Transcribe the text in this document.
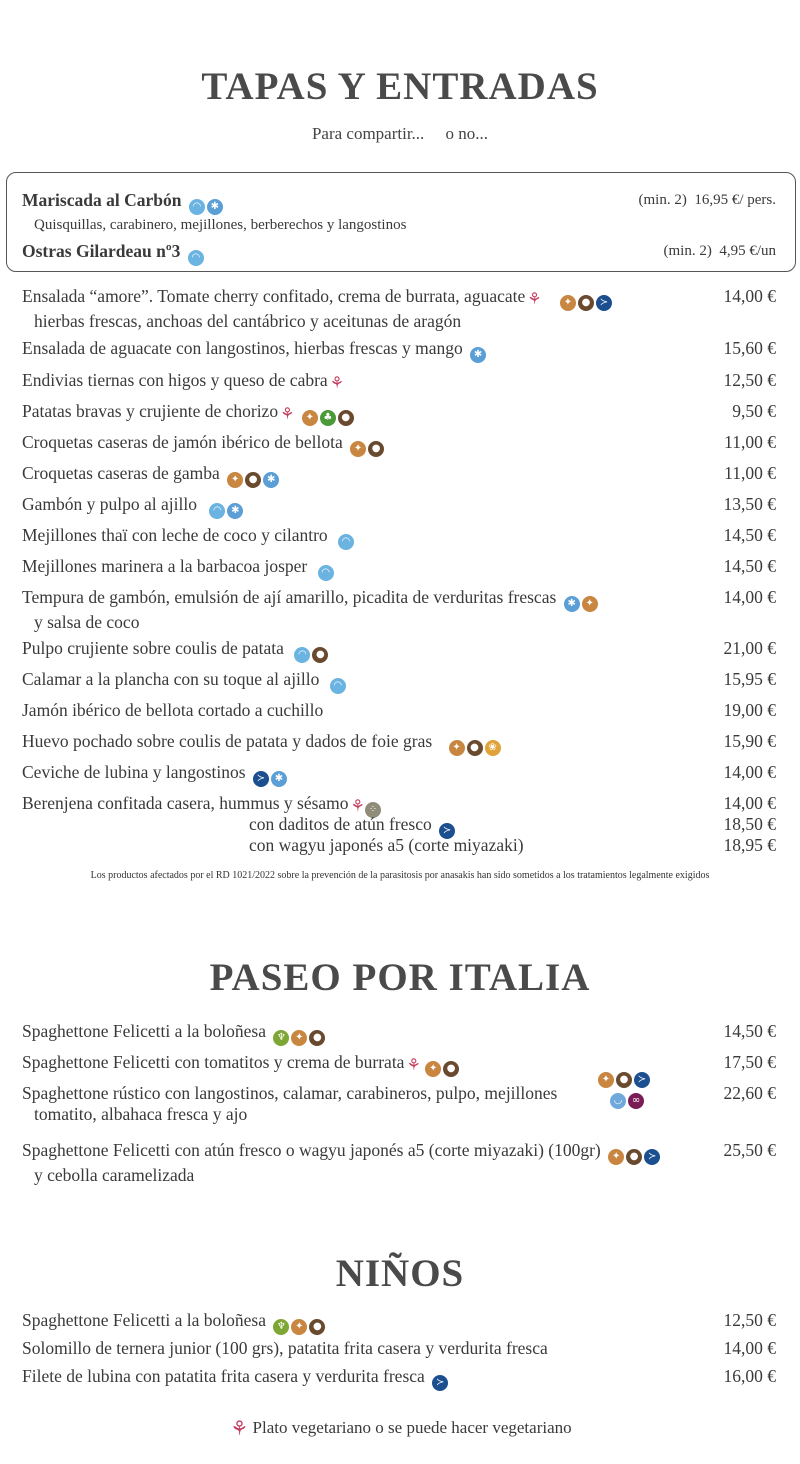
TAPAS Y ENTRADAS
Para compartir...     o no...
Mariscada al Carbón	◠ ✱	(min. 2) 16,95 €/ pers.
Quisquillas, carabinero, mejillones, berberechos y langostinos
Ostras Gilardeau nº3	◠	(min. 2) 4,95 €/un
Ensalada “amore”. Tomate cherry confitado, crema de burrata, aguacate ⚘	✦ ● ≻	14,00 €
hierbas frescas, anchoas del cantábrico y aceitunas de aragón
Ensalada de aguacate con langostinos, hierbas frescas y mango	✱	15,60 €
Endivias tiernas con higos y queso de cabra ⚘	12,50 €
Patatas bravas y crujiente de chorizo ⚘	✦ ♣ ●	9,50 €
Croquetas caseras de jamón ibérico de bellota	✦ ●	11,00 €
Croquetas caseras de gamba	✦ ● ✱	11,00 €
Gambón y pulpo al ajillo	◠ ✱	13,50 €
Mejillones thaï con leche de coco y cilantro	◠	14,50 €
Mejillones marinera a la barbacoa josper	◠	14,50 €
Tempura de gambón, emulsión de ají amarillo, picadita de verduritas frescas	✱ ✦	14,00 €
y salsa de coco
Pulpo crujiente sobre coulis de patata	◠ ●	21,00 €
Calamar a la plancha con su toque al ajillo	◠	15,95 €
Jamón ibérico de bellota cortado a cuchillo	19,00 €
Huevo pochado sobre coulis de patata y dados de foie gras	✦ ● ❀	15,90 €
Ceviche de lubina y langostinos	≻ ✱	14,00 €
Berenjena confitada casera, hummus y sésamo ⚘ ⁘	14,00 €
con daditos de atún fresco	≻	18,50 €
con wagyu japonés a5 (corte miyazaki)	18,95 €
Los productos afectados por el RD 1021/2022 sobre la prevención de la parasitosis por anasakis han sido sometidos a los tratamientos legalmente exigidos
PASEO POR ITALIA
Spaghettone Felicetti a la boloñesa	♆ ✦ ●	14,50 €
Spaghettone Felicetti con tomatitos y crema de burrata ⚘ ✦ ●	17,50 €
Spaghettone rústico con langostinos, calamar, carabineros, pulpo, mejillones	22,60 €
tomatito, albahaca fresca y ajo
✦ ● ≻
◡ ∞
Spaghettone Felicetti con atún fresco o wagyu japonés a5 (corte miyazaki) (100gr)	✦ ● ≻	25,50 €
y cebolla caramelizada
NIÑOS
Spaghettone Felicetti a la boloñesa	♆ ✦ ●	12,50 €
Solomillo de ternera junior (100 grs), patatita frita casera y verdurita fresca	14,00 €
Filete de lubina con patatita frita casera y verdurita fresca	≻	16,00 €
⚘ Plato vegetariano o se puede hacer vegetariano
